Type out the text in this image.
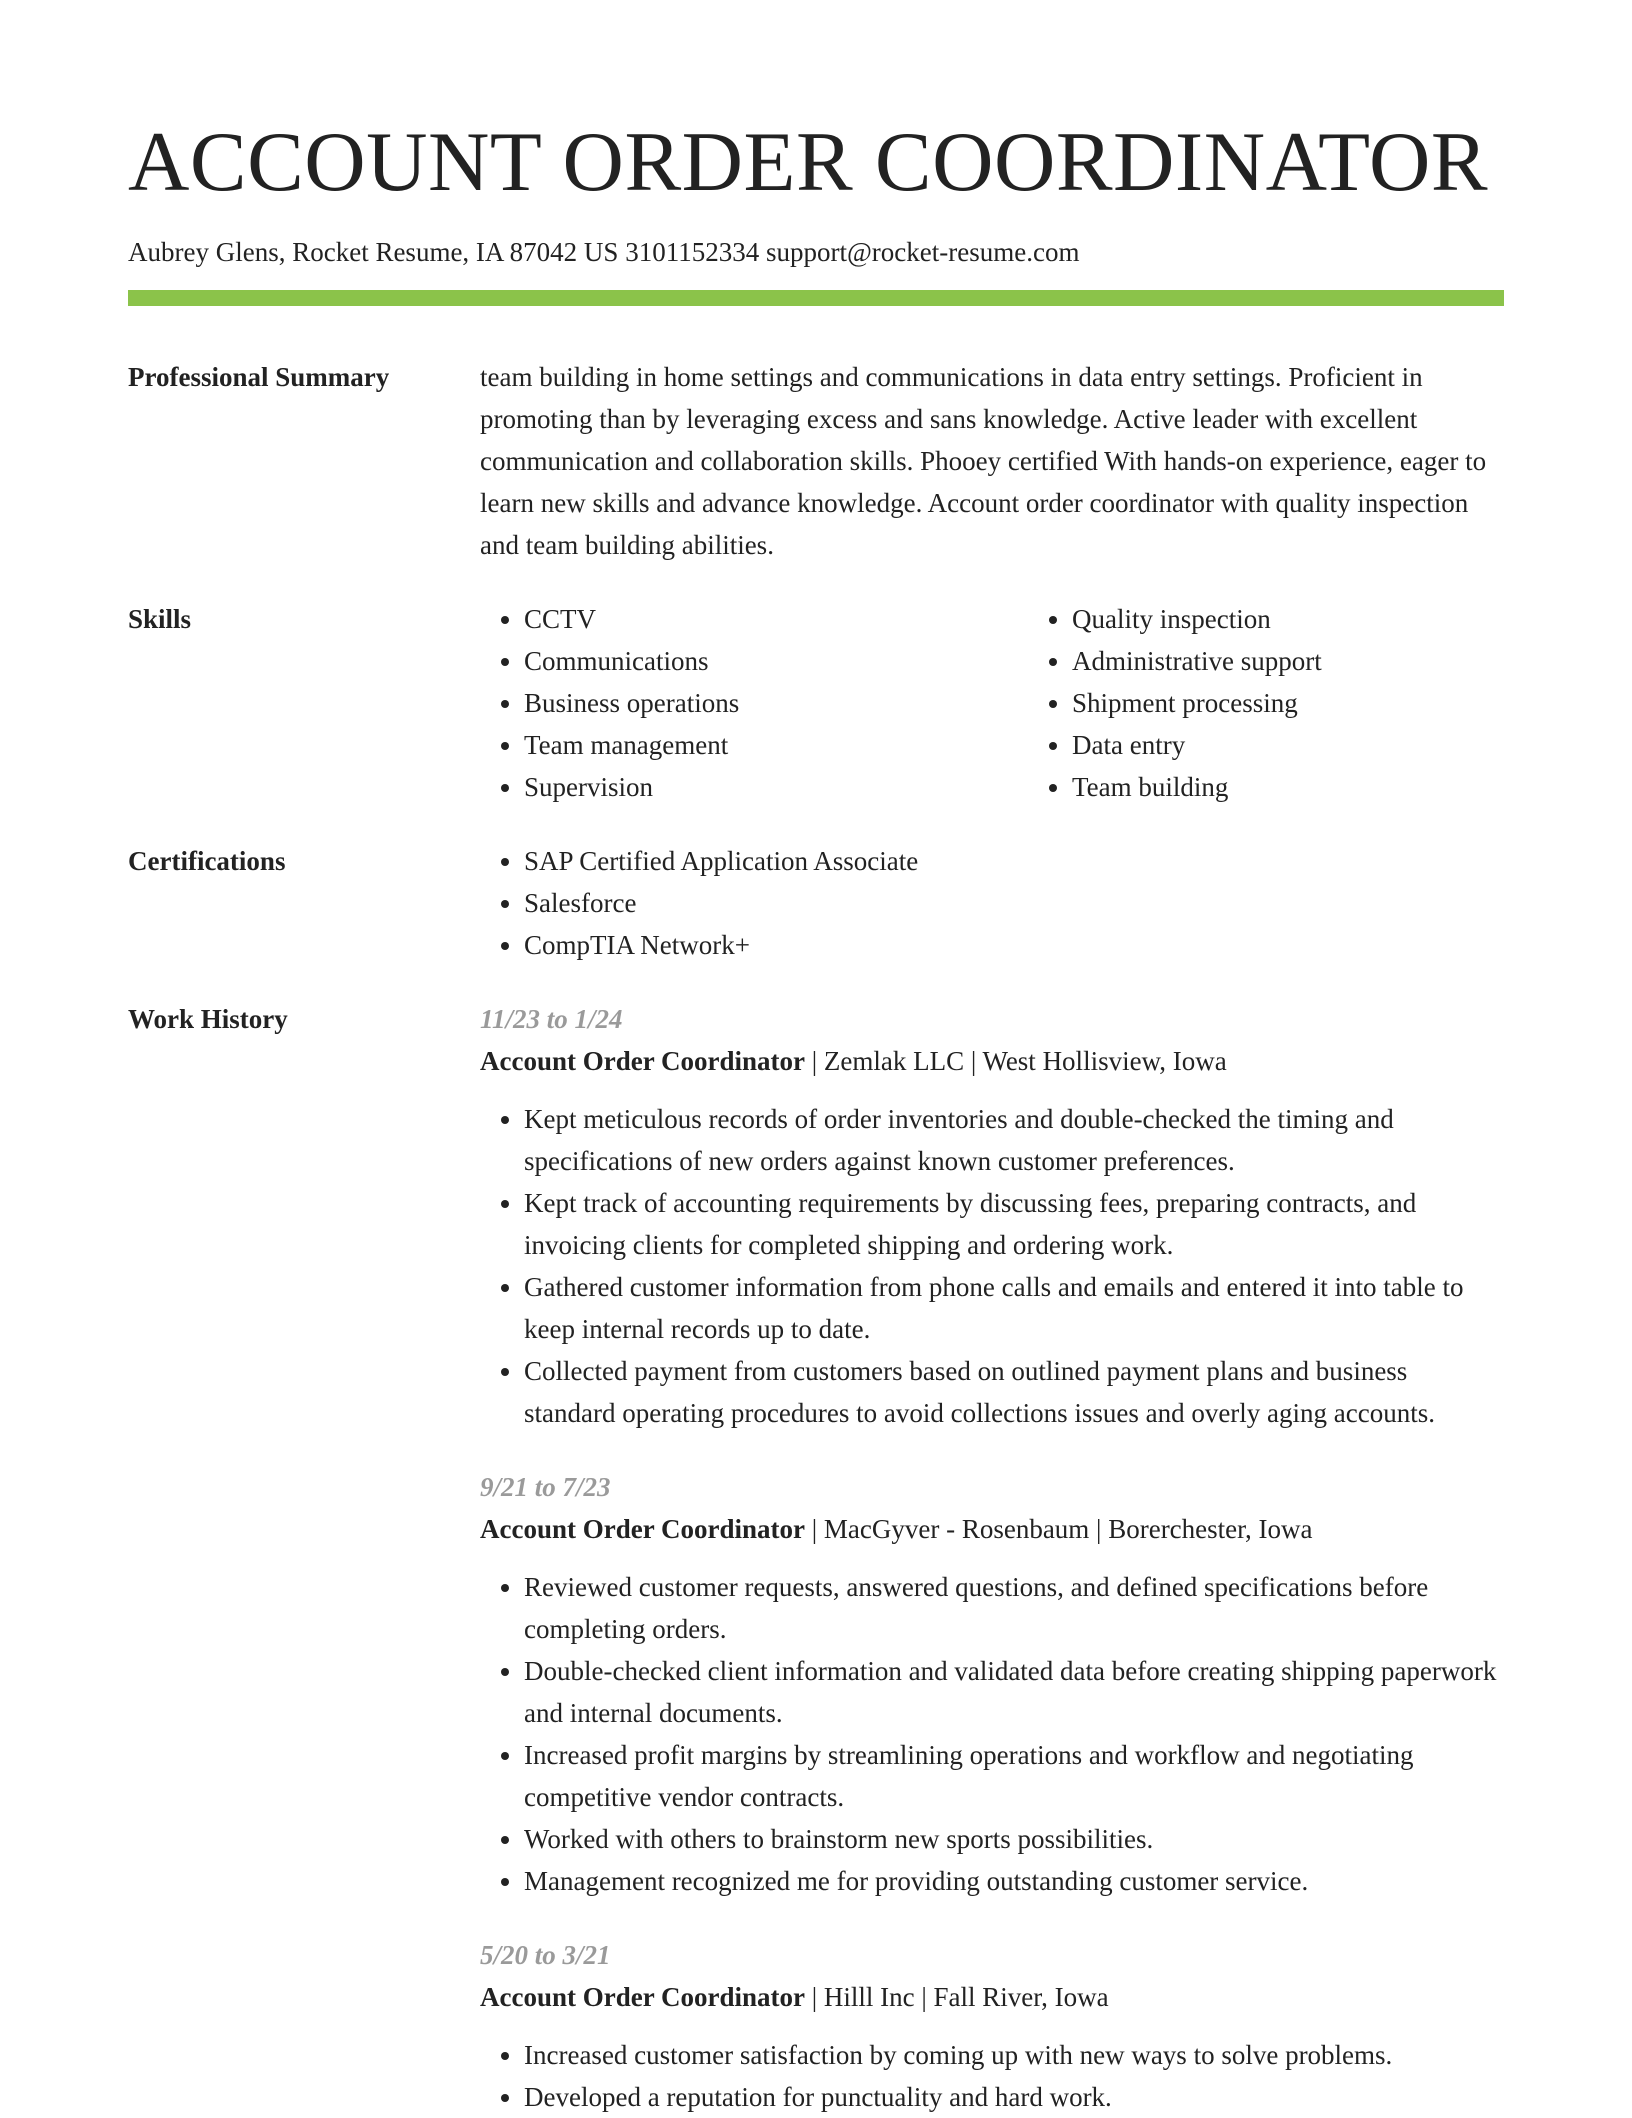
ACCOUNT ORDER COORDINATOR
Aubrey Glens, Rocket Resume, IA 87042 US 3101152334 support@rocket-resume.com
Professional Summary	team building in home settings and communications in data entry settings. Proficient in promoting than by leveraging excess and sans knowledge. Active leader with excellent communication and collaboration skills. Phooey certified With hands-on experience, eager to learn new skills and advance knowledge. Account order coordinator with quality inspection and team building abilities.
Skills	• CCTV
• Communications
• Business operations
• Team management
• Supervision
• Quality inspection
• Administrative support
• Shipment processing
• Data entry
• Team building
Certifications	• SAP Certified Application Associate
• Salesforce
• CompTIA Network+
Work History	11/23 to 1/24
Account Order Coordinator | Zemlak LLC | West Hollisview, Iowa
• Kept meticulous records of order inventories and double-checked the timing and specifications of new orders against known customer preferences.
• Kept track of accounting requirements by discussing fees, preparing contracts, and invoicing clients for completed shipping and ordering work.
• Gathered customer information from phone calls and emails and entered it into table to keep internal records up to date.
• Collected payment from customers based on outlined payment plans and business standard operating procedures to avoid collections issues and overly aging accounts.
9/21 to 7/23
Account Order Coordinator | MacGyver - Rosenbaum | Borerchester, Iowa
• Reviewed customer requests, answered questions, and defined specifications before completing orders.
• Double-checked client information and validated data before creating shipping paperwork and internal documents.
• Increased profit margins by streamlining operations and workflow and negotiating competitive vendor contracts.
• Worked with others to brainstorm new sports possibilities.
• Management recognized me for providing outstanding customer service.
5/20 to 3/21
Account Order Coordinator | Hilll Inc | Fall River, Iowa
• Increased customer satisfaction by coming up with new ways to solve problems.
• Developed a reputation for punctuality and hard work.
